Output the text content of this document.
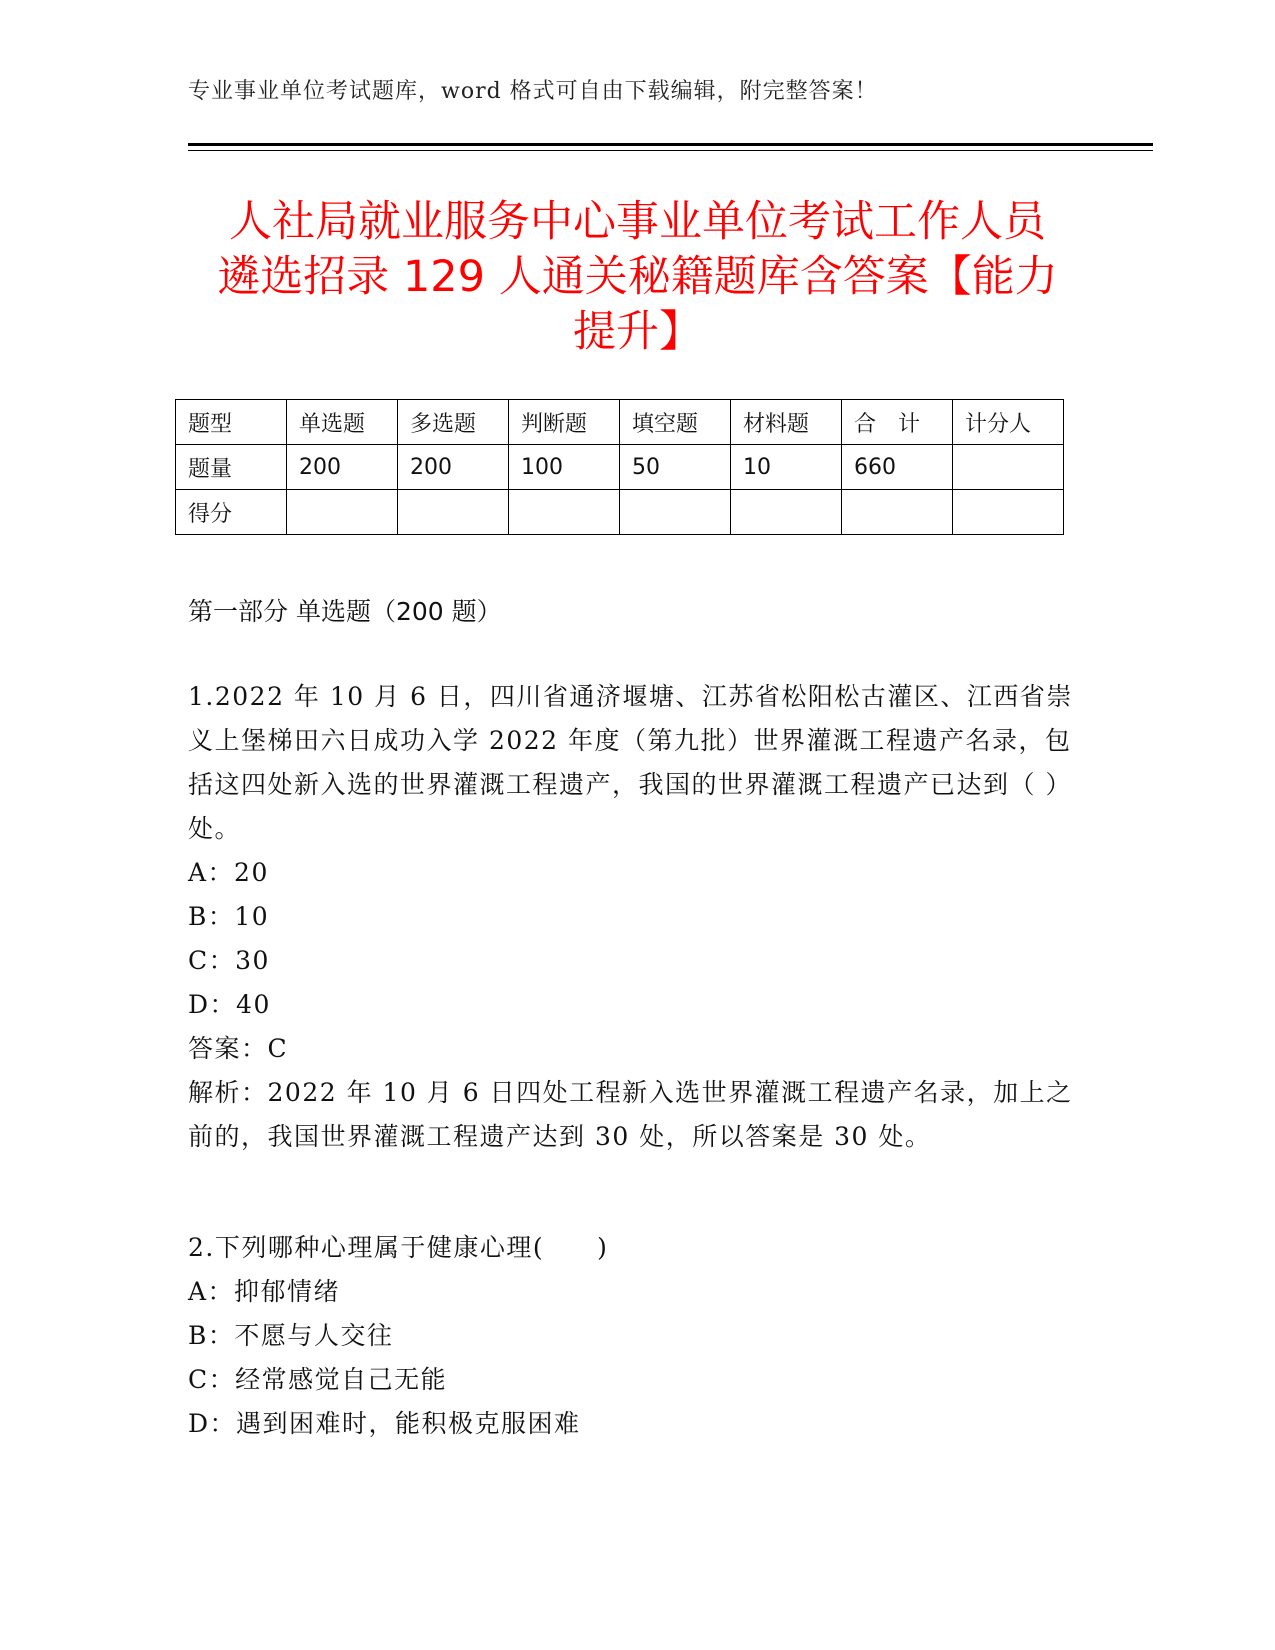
专业事业单位考试题库，word 格式可自由下载编辑，附完整答案！
人社局就业服务中心事业单位考试工作人员
遴选招录 129 人通关秘籍题库含答案【能力
提升】
题型	单选题	多选题	判断题	填空题	材料题	合　计	计分人
题量	200	200	100	50	10	660	
得分							
第一部分 单选题（200 题）

1.2022 年 10 月 6 日，四川省通济堰塘、江苏省松阳松古灌区、江西省崇义上堡梯田六日成功入学 2022 年度（第九批）世界灌溉工程遗产名录，包括这四处新入选的世界灌溉工程遗产，我国的世界灌溉工程遗产已达到（ ）处。

A：20

B：10

C：30

D：40

答案：C

解析：2022 年 10 月 6 日四处工程新入选世界灌溉工程遗产名录，加上之前的，我国世界灌溉工程遗产达到 30 处，所以答案是 30 处。

2.下列哪种心理属于健康心理(　　)

A：抑郁情绪

B：不愿与人交往

C：经常感觉自己无能

D：遇到困难时，能积极克服困难
